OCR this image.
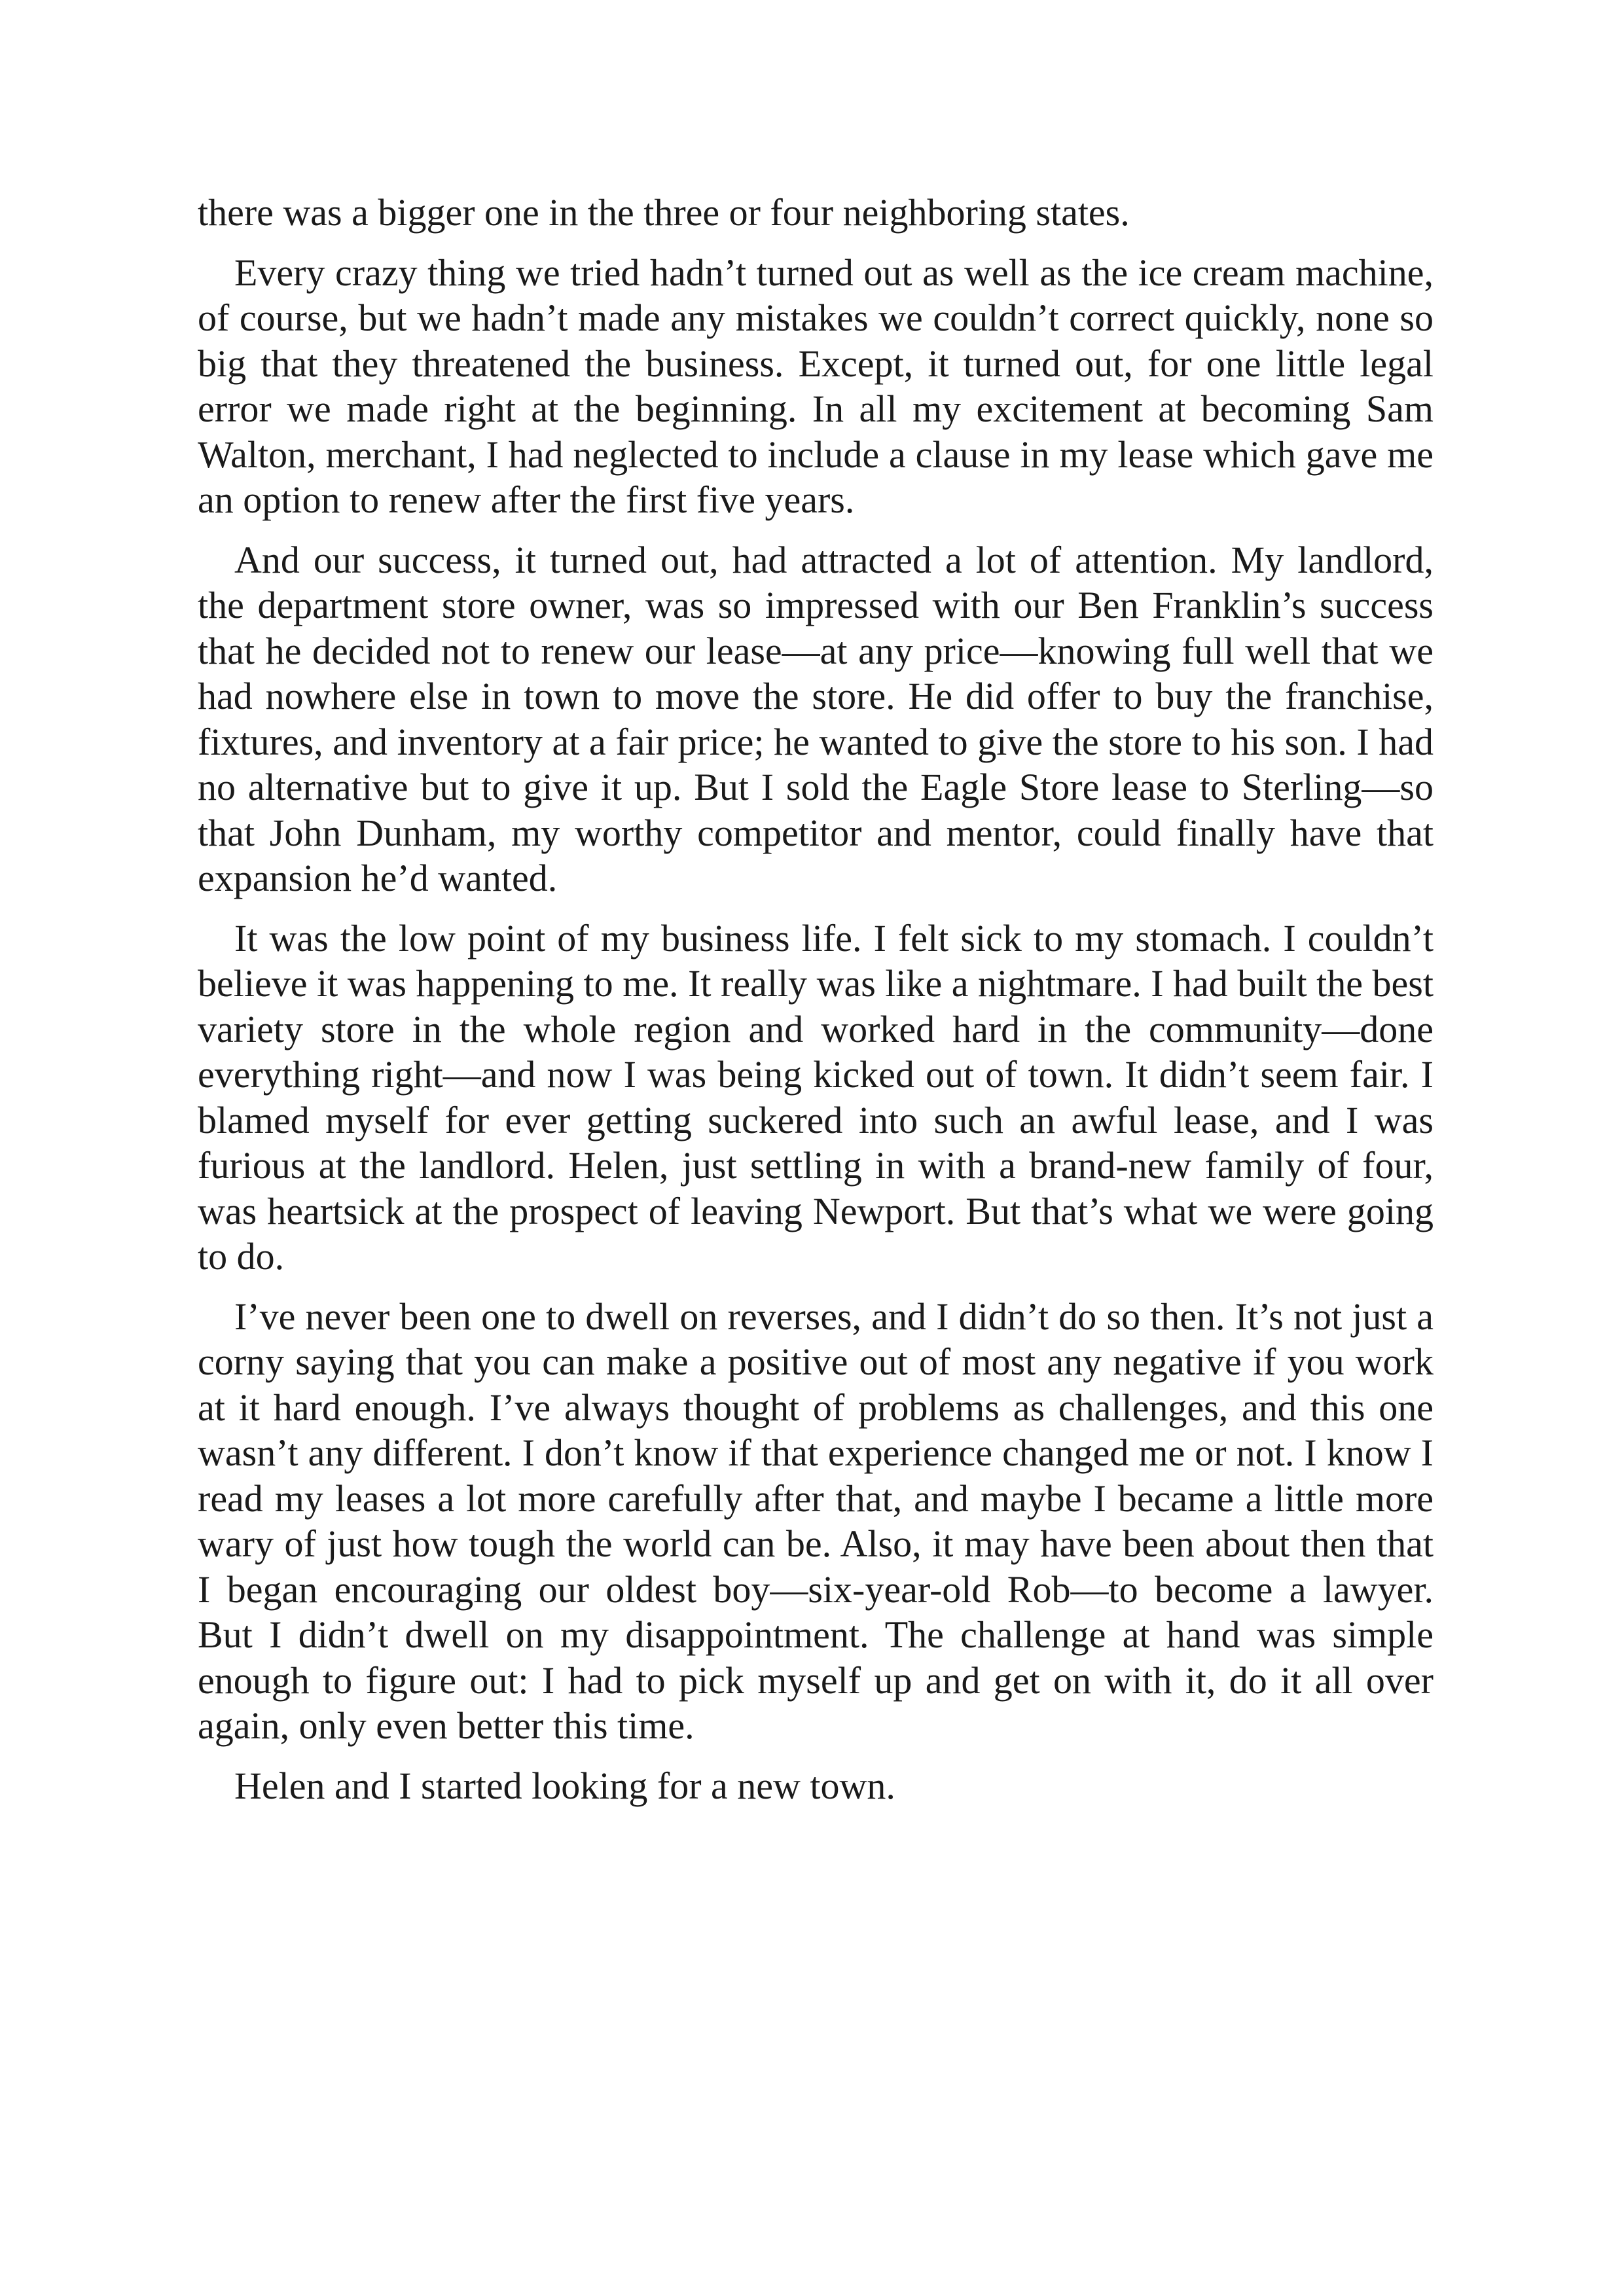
there was a bigger one in the three or four neighboring states.

Every crazy thing we tried hadn’t turned out as well as the ice cream machine, of course, but we hadn’t made any mistakes we couldn’t correct quickly, none so big that they threatened the business. Except, it turned out, for one little legal error we made right at the beginning. In all my excitement at becoming Sam Walton, merchant, I had neglected to include a clause in my lease which gave me an option to renew after the first five years.

And our success, it turned out, had attracted a lot of attention. My landlord, the department store owner, was so impressed with our Ben Franklin’s success that he decided not to renew our lease—at any price—knowing full well that we had nowhere else in town to move the store. He did offer to buy the franchise, fixtures, and inventory at a fair price; he wanted to give the store to his son. I had no alternative but to give it up. But I sold the Eagle Store lease to Sterling—so that John Dunham, my worthy competitor and mentor, could finally have that expansion he’d wanted.

It was the low point of my business life. I felt sick to my stomach. I couldn’t believe it was happening to me. It really was like a nightmare. I had built the best variety store in the whole region and worked hard in the community—done everything right—and now I was being kicked out of town. It didn’t seem fair. I blamed myself for ever getting suckered into such an awful lease, and I was furious at the landlord. Helen, just settling in with a brand-new family of four, was heartsick at the prospect of leaving Newport. But that’s what we were going to do.

I’ve never been one to dwell on reverses, and I didn’t do so then. It’s not just a corny saying that you can make a positive out of most any negative if you work at it hard enough. I’ve always thought of problems as challenges, and this one wasn’t any different. I don’t know if that experience changed me or not. I know I read my leases a lot more carefully after that, and maybe I became a little more wary of just how tough the world can be. Also, it may have been about then that I began encouraging our oldest boy—six-year-old Rob—to become a lawyer. But I didn’t dwell on my disappointment. The challenge at hand was simple enough to figure out: I had to pick myself up and get on with it, do it all over again, only even better this time.

Helen and I started looking for a new town.
